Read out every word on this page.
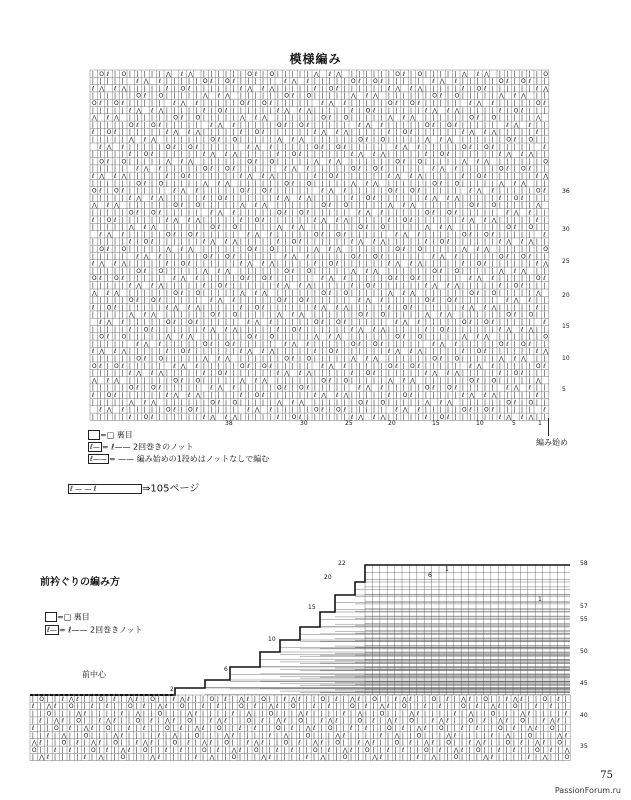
模様編み
| O ℓ | O | | | | | ⋀ ℓ ⋀ | | | | | | O ℓ | O | | | | | ⋀ ℓ ⋀ | | | | | | O ℓ | O | | | | | ⋀ ℓ ⋀ | | | | | | O
| | | | | ℓ ⋀ ℓ | | | | | O ℓ | O ℓ | | | | | ℓ ⋀ ℓ | | | | | O ℓ | O ℓ | | | | | ℓ ⋀ ℓ | | | | | O ℓ | O ℓ | |
ℓ ⋀ ℓ ⋀ | | | | | ℓ | O ℓ | | | | | | ℓ ⋀ ℓ ⋀ | | | | | ℓ | O ℓ | | | | | | ℓ ⋀ ℓ ⋀ | | | | | ℓ | O ℓ | | | | | | ℓ ⋀
| | | | | | O ℓ | O | | | | | ⋀ ℓ ⋀ | | | | | | O ℓ | O | | | | | ⋀ ℓ ⋀ | | | | | | O ℓ | O | | | | | ⋀ ℓ ⋀ | |
O ℓ | O ℓ | | | | | ℓ ⋀ ℓ | | | | | O ℓ | O ℓ | | | | | ℓ ⋀ ℓ | | | | | O ℓ | O ℓ | | | | | ℓ ⋀ ℓ | | | | | O ℓ
| | | | | ℓ ⋀ ℓ ⋀ | | | | | ℓ | O ℓ | | | | | | ℓ ⋀ ℓ ⋀ | | | | | ℓ | O ℓ | | | | | | ℓ ⋀ ℓ ⋀ | | | | | ℓ | O ℓ | | |
⋀ ℓ ⋀ | | | | | | O ℓ | O | | | | | ⋀ ℓ ⋀ | | | | | | O ℓ | O | | | | | ⋀ ℓ ⋀ | | | | | | O ℓ | O | | | | | ⋀
| | | | | O ℓ | O ℓ | | | | | ℓ ⋀ ℓ | | | | | O ℓ | O ℓ | | | | | ℓ ⋀ ℓ | | | | | O ℓ | O ℓ | | | | | ℓ ⋀ ℓ | |
ℓ | O ℓ | | | | | | ℓ ⋀ ℓ ⋀ | | | | | ℓ | O ℓ | | | | | | ℓ ⋀ ℓ ⋀ | | | | | ℓ | O ℓ | | | | | | ℓ ⋀ ℓ ⋀ | | | | | ℓ |
| | | | | ⋀ ℓ ⋀ | | | | | | O ℓ | O | | | | | ⋀ ℓ ⋀ | | | | | | O ℓ | O | | | | | ⋀ ℓ ⋀ | | | | | | O ℓ | O | |
ℓ ⋀ ℓ | | | | | O ℓ | O ℓ | | | | | ℓ ⋀ ℓ | | | | | O ℓ | O ℓ | | | | | ℓ ⋀ ℓ | | | | | O ℓ | O ℓ | | | | | ℓ
| | | | | ℓ | O ℓ | | | | | | ℓ ⋀ ℓ ⋀ | | | | | ℓ | O ℓ | | | | | | ℓ ⋀ ℓ ⋀ | | | | | ℓ | O ℓ | | | | | | ℓ ⋀ ℓ ⋀ | |
| O ℓ | O | | | | | ⋀ ℓ ⋀ | | | | | | O ℓ | O | | | | | ⋀ ℓ ⋀ | | | | | | O ℓ | O | | | | | ⋀ ℓ ⋀ | | | | | | O
| | | | | ℓ ⋀ ℓ | | | | | O ℓ | O ℓ | | | | | ℓ ⋀ ℓ | | | | | O ℓ | O ℓ | | | | | ℓ ⋀ ℓ | | | | | O ℓ | O ℓ | |
ℓ ⋀ ℓ ⋀ | | | | | ℓ | O ℓ | | | | | | ℓ ⋀ ℓ ⋀ | | | | | ℓ | O ℓ | | | | | | ℓ ⋀ ℓ ⋀ | | | | | ℓ | O ℓ | | | | | | ℓ ⋀
| | | | | | O ℓ | O | | | | | ⋀ ℓ ⋀ | | | | | | O ℓ | O | | | | | ⋀ ℓ ⋀ | | | | | | O ℓ | O | | | | | ⋀ ℓ ⋀ | |
O ℓ | O ℓ | | | | | ℓ ⋀ ℓ | | | | | O ℓ | O ℓ | | | | | ℓ ⋀ ℓ | | | | | O ℓ | O ℓ | | | | | ℓ ⋀ ℓ | | | | | O ℓ
| | | | | ℓ ⋀ ℓ ⋀ | | | | | ℓ | O ℓ | | | | | | ℓ ⋀ ℓ ⋀ | | | | | ℓ | O ℓ | | | | | | ℓ ⋀ ℓ ⋀ | | | | | ℓ | O ℓ | | |
⋀ ℓ ⋀ | | | | | | O ℓ | O | | | | | ⋀ ℓ ⋀ | | | | | | O ℓ | O | | | | | ⋀ ℓ ⋀ | | | | | | O ℓ | O | | | | | ⋀
| | | | | O ℓ | O ℓ | | | | | ℓ ⋀ ℓ | | | | | O ℓ | O ℓ | | | | | ℓ ⋀ ℓ | | | | | O ℓ | O ℓ | | | | | ℓ ⋀ ℓ | |
ℓ | O ℓ | | | | | | ℓ ⋀ ℓ ⋀ | | | | | ℓ | O ℓ | | | | | | ℓ ⋀ ℓ ⋀ | | | | | ℓ | O ℓ | | | | | | ℓ ⋀ ℓ ⋀ | | | | | ℓ |
| | | | | ⋀ ℓ ⋀ | | | | | | O ℓ | O | | | | | ⋀ ℓ ⋀ | | | | | | O ℓ | O | | | | | ⋀ ℓ ⋀ | | | | | | O ℓ | O | |
ℓ ⋀ ℓ | | | | | O ℓ | O ℓ | | | | | ℓ ⋀ ℓ | | | | | O ℓ | O ℓ | | | | | ℓ ⋀ ℓ | | | | | O ℓ | O ℓ | | | | | ℓ
| | | | | ℓ | O ℓ | | | | | | ℓ ⋀ ℓ ⋀ | | | | | ℓ | O ℓ | | | | | | ℓ ⋀ ℓ ⋀ | | | | | ℓ | O ℓ | | | | | | ℓ ⋀ ℓ ⋀ | |
| O ℓ | O | | | | | ⋀ ℓ ⋀ | | | | | | O ℓ | O | | | | | ⋀ ℓ ⋀ | | | | | | O ℓ | O | | | | | ⋀ ℓ ⋀ | | | | | | O
| | | | | ℓ ⋀ ℓ | | | | | O ℓ | O ℓ | | | | | ℓ ⋀ ℓ | | | | | O ℓ | O ℓ | | | | | ℓ ⋀ ℓ | | | | | O ℓ | O ℓ | |
ℓ ⋀ ℓ ⋀ | | | | | ℓ | O ℓ | | | | | | ℓ ⋀ ℓ ⋀ | | | | | ℓ | O ℓ | | | | | | ℓ ⋀ ℓ ⋀ | | | | | ℓ | O ℓ | | | | | | ℓ ⋀
| | | | | | O ℓ | O | | | | | ⋀ ℓ ⋀ | | | | | | O ℓ | O | | | | | ⋀ ℓ ⋀ | | | | | | O ℓ | O | | | | | ⋀ ℓ ⋀ | |
O ℓ | O ℓ | | | | | ℓ ⋀ ℓ | | | | | O ℓ | O ℓ | | | | | ℓ ⋀ ℓ | | | | | O ℓ | O ℓ | | | | | ℓ ⋀ ℓ | | | | | O ℓ
| | | | | ℓ ⋀ ℓ ⋀ | | | | | ℓ | O ℓ | | | | | | ℓ ⋀ ℓ ⋀ | | | | | ℓ | O ℓ | | | | | | ℓ ⋀ ℓ ⋀ | | | | | ℓ | O ℓ | | |
⋀ ℓ ⋀ | | | | | | O ℓ | O | | | | | ⋀ ℓ ⋀ | | | | | | O ℓ | O | | | | | ⋀ ℓ ⋀ | | | | | | O ℓ | O | | | | | ⋀
| | | | | O ℓ | O ℓ | | | | | ℓ ⋀ ℓ | | | | | O ℓ | O ℓ | | | | | ℓ ⋀ ℓ | | | | | O ℓ | O ℓ | | | | | ℓ ⋀ ℓ | |
ℓ | O ℓ | | | | | | ℓ ⋀ ℓ ⋀ | | | | | ℓ | O ℓ | | | | | | ℓ ⋀ ℓ ⋀ | | | | | ℓ | O ℓ | | | | | | ℓ ⋀ ℓ ⋀ | | | | | ℓ |
| | | | | ⋀ ℓ ⋀ | | | | | | O ℓ | O | | | | | ⋀ ℓ ⋀ | | | | | | O ℓ | O | | | | | ⋀ ℓ ⋀ | | | | | | O ℓ | O | |
ℓ ⋀ ℓ | | | | | O ℓ | O ℓ | | | | | ℓ ⋀ ℓ | | | | | O ℓ | O ℓ | | | | | ℓ ⋀ ℓ | | | | | O ℓ | O ℓ | | | | | ℓ
| | | | | ℓ | O ℓ | | | | | | ℓ ⋀ ℓ ⋀ | | | | | ℓ | O ℓ | | | | | | ℓ ⋀ ℓ ⋀ | | | | | ℓ | O ℓ | | | | | | ℓ ⋀ ℓ ⋀ | |
| O ℓ | O | | | | | ⋀ ℓ ⋀ | | | | | | O ℓ | O | | | | | ⋀ ℓ ⋀ | | | | | | O ℓ | O | | | | | ⋀ ℓ ⋀ | | | | | | O
| | | | | ℓ ⋀ ℓ | | | | | O ℓ | O ℓ | | | | | ℓ ⋀ ℓ | | | | | O ℓ | O ℓ | | | | | ℓ ⋀ ℓ | | | | | O ℓ | O ℓ | |
ℓ ⋀ ℓ ⋀ | | | | | ℓ | O ℓ | | | | | | ℓ ⋀ ℓ ⋀ | | | | | ℓ | O ℓ | | | | | | ℓ ⋀ ℓ ⋀ | | | | | ℓ | O ℓ | | | | | | ℓ ⋀
| | | | | | O ℓ | O | | | | | ⋀ ℓ ⋀ | | | | | | O ℓ | O | | | | | ⋀ ℓ ⋀ | | | | | | O ℓ | O | | | | | ⋀ ℓ ⋀ | |
O ℓ | O ℓ | | | | | ℓ ⋀ ℓ | | | | | O ℓ | O ℓ | | | | | ℓ ⋀ ℓ | | | | | O ℓ | O ℓ | | | | | ℓ ⋀ ℓ | | | | | O ℓ
| | | | | ℓ ⋀ ℓ ⋀ | | | | | ℓ | O ℓ | | | | | | ℓ ⋀ ℓ ⋀ | | | | | ℓ | O ℓ | | | | | | ℓ ⋀ ℓ ⋀ | | | | | ℓ | O ℓ | | |
⋀ ℓ ⋀ | | | | | | O ℓ | O | | | | | ⋀ ℓ ⋀ | | | | | | O ℓ | O | | | | | ⋀ ℓ ⋀ | | | | | | O ℓ | O | | | | | ⋀
| | | | | O ℓ | O ℓ | | | | | ℓ ⋀ ℓ | | | | | O ℓ | O ℓ | | | | | ℓ ⋀ ℓ | | | | | O ℓ | O ℓ | | | | | ℓ ⋀ ℓ | |
ℓ | O ℓ | | | | | | ℓ ⋀ ℓ ⋀ | | | | | ℓ | O ℓ | | | | | | ℓ ⋀ ℓ ⋀ | | | | | ℓ | O ℓ | | | | | | ℓ ⋀ ℓ ⋀ | | | | | ℓ |
| | | | | ⋀ ℓ ⋀ | | | | | | O ℓ | O | | | | | ⋀ ℓ ⋀ | | | | | | O ℓ | O | | | | | ⋀ ℓ ⋀ | | | | | | O ℓ | O | |
ℓ ⋀ ℓ | | | | | O ℓ | O ℓ | | | | | ℓ ⋀ ℓ | | | | | O ℓ | O ℓ | | | | | ℓ ⋀ ℓ | | | | | O ℓ | O ℓ | | | | | ℓ
| | | | | ℓ | O ℓ | | | | | | ℓ ⋀ ℓ ⋀ | | | | | ℓ | O ℓ | | | | | | ℓ ⋀ ℓ ⋀ | | | | | ℓ | O ℓ | | | | | | ℓ ⋀ ℓ ⋀ | |
36
30
25
20
15
10
5
38	30	25	20	15	10	5	1
編み始め
=□ 裏目
ℓ— = ℓ—— 2回巻きのノット
ℓ—— = —— 編み始めの1段めはノットなしで編む
ℓ — — ℓ	⇒105ページ
前衿ぐりの編み方
=□ 裏目
ℓ— = ℓ—— 2回巻きノット
前中心
| O | | ℓ ⋀ ℓ | | O | ℓ | ⋀ ℓ | O | | ℓ ⋀ ℓ | | O | ℓ | ⋀ ℓ | O | | ℓ ⋀ ℓ | | O | ℓ | ⋀ ℓ | O | | ℓ ⋀ ℓ | | O | ℓ | ⋀ ℓ | O | | ℓ ⋀ ℓ | | O | ℓ |
ℓ | ⋀ ℓ | O | | ℓ | ℓ | | O | ℓ | ⋀ ℓ | O | | ℓ | ℓ | | O | ℓ | ⋀ ℓ | O | | ℓ | ℓ | | O | ℓ | ⋀ ℓ | O | | ℓ | ℓ | | O | ℓ | ⋀ ℓ | O | | ℓ | ℓ | |
| | O | | | ⋀ ℓ | | | | ℓ | ⋀ | | O | | | ⋀ ℓ | | | | ℓ | ⋀ | | O | | | ⋀ ℓ | | | | ℓ | ⋀ | | O | | | ⋀ ℓ | | | | ℓ | ⋀ | | O | | | ⋀ ℓ | | | | ℓ
| ℓ | ⋀ ℓ | O | | ℓ ⋀ ℓ | | O | ℓ | ⋀ ℓ | O | | ℓ ⋀ ℓ | | O | ℓ | ⋀ ℓ | O | | ℓ ⋀ ℓ | | O | ℓ | ⋀ ℓ | O | | ℓ ⋀ ℓ | | O | ℓ | ⋀ ℓ | O | | ℓ ⋀ ℓ |
ℓ | | O | ℓ | ⋀ ℓ | O | | ℓ | ℓ | | O | ℓ | ⋀ ℓ | O | | ℓ | ℓ | | O | ℓ | ⋀ ℓ | O | | ℓ | ℓ | | O | ℓ | ⋀ ℓ | O | | ℓ | ℓ | | O | ℓ | ⋀ ℓ | O | |
| | ℓ | ⋀ | | O | | | ⋀ ℓ | | | | ℓ | ⋀ | | O | | | ⋀ ℓ | | | | ℓ | ⋀ | | O | | | ⋀ ℓ | | | | ℓ | ⋀ | | O | | | ⋀ ℓ | | | | ℓ | ⋀ | | O | | | ⋀ ℓ
⋀ ℓ | | O | ℓ | ⋀ ℓ | O | | ℓ ⋀ ℓ | | O | ℓ | ⋀ ℓ | O | | ℓ ⋀ ℓ | | O | ℓ | ⋀ ℓ | O | | ℓ ⋀ ℓ | | O | ℓ | ⋀ ℓ | O | | ℓ ⋀ ℓ | | O | ℓ | ⋀ ℓ | O |
O | | ℓ | ℓ | | O | ℓ | ⋀ ℓ | O | | ℓ | ℓ | | O | ℓ | ⋀ ℓ | O | | ℓ | ℓ | | O | ℓ | ⋀ ℓ | O | | ℓ | ℓ | | O | ℓ | ⋀ ℓ | O | | ℓ | ℓ | | O | ℓ | ⋀
| ⋀ ℓ | | | | ℓ | ⋀ | | O | | | ⋀ ℓ | | | | ℓ | ⋀ | | O | | | ⋀ ℓ | | | | ℓ | ⋀ | | O | | | ⋀ ℓ | | | | ℓ | ⋀ | | O | | | ⋀ ℓ | | | | ℓ | ⋀ | | O
58
57
55
50
45
40
35
2
6
10
15
20
22
1
6
1
75
PassionForum.ru
